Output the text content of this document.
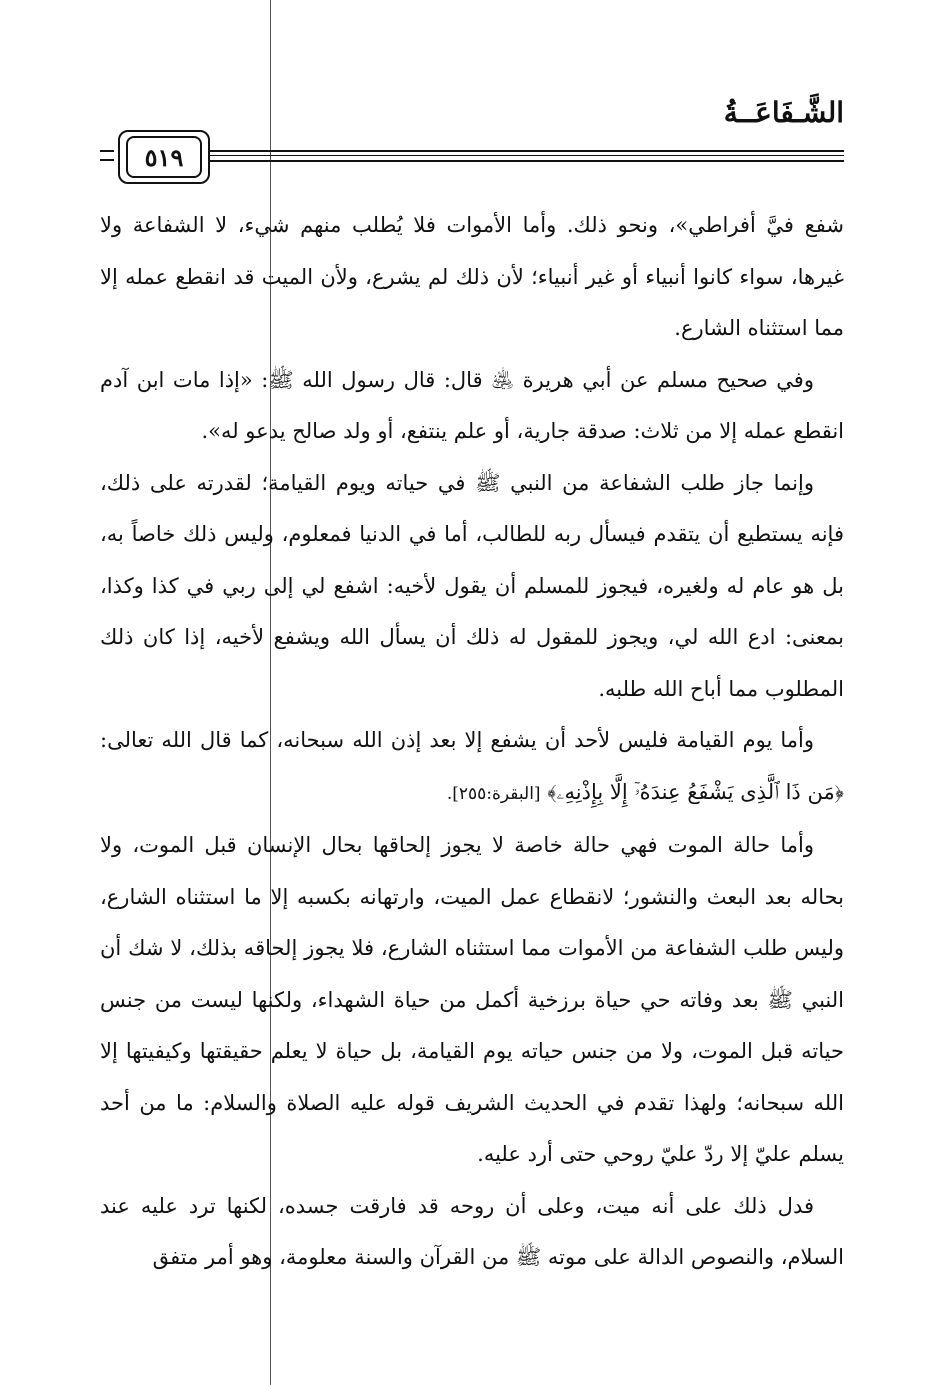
الشَّـفَاعَــةُ
٥١٩

شفع فيَّ أفراطي»، ونحو ذلك. وأما الأموات فلا يُطلب منهم شيء، لا الشفاعة ولا غيرها، سواء كانوا أنبياء أو غير أنبياء؛ لأن ذلك لم يشرع، ولأن الميت قد انقطع عمله إلا مما استثناه الشارع.

وفي صحيح مسلم عن أبي هريرة ﵁ قال: قال رسول الله ﷺ: «إذا مات ابن آدم انقطع عمله إلا من ثلاث: صدقة جارية، أو علم ينتفع، أو ولد صالح يدعو له».

وإنما جاز طلب الشفاعة من النبي ﷺ في حياته ويوم القيامة؛ لقدرته على ذلك، فإنه يستطيع أن يتقدم فيسأل ربه للطالب، أما في الدنيا فمعلوم، وليس ذلك خاصاً به، بل هو عام له ولغيره، فيجوز للمسلم أن يقول لأخيه: اشفع لي إلى ربي في كذا وكذا، بمعنى: ادع الله لي، ويجوز للمقول له ذلك أن يسأل الله ويشفع لأخيه، إذا كان ذلك المطلوب مما أباح الله طلبه.

وأما يوم القيامة فليس لأحد أن يشفع إلا بعد إذن الله سبحانه، كما قال الله تعالى: ﴿مَن ذَا ٱلَّذِى يَشْفَعُ عِندَهُۥٓ إِلَّا بِإِذْنِهِۦ﴾ [البقرة:٢٥٥].

وأما حالة الموت فهي حالة خاصة لا يجوز إلحاقها بحال الإنسان قبل الموت، ولا بحاله بعد البعث والنشور؛ لانقطاع عمل الميت، وارتهانه بكسبه إلا ما استثناه الشارع، وليس طلب الشفاعة من الأموات مما استثناه الشارع، فلا يجوز إلحاقه بذلك، لا شك أن النبي ﷺ بعد وفاته حي حياة برزخية أكمل من حياة الشهداء، ولكنها ليست من جنس حياته قبل الموت، ولا من جنس حياته يوم القيامة، بل حياة لا يعلم حقيقتها وكيفيتها إلا الله سبحانه؛ ولهذا تقدم في الحديث الشريف قوله عليه الصلاة والسلام: ما من أحد يسلم عليّ إلا ردّ عليّ روحي حتى أرد عليه.

فدل ذلك على أنه ميت، وعلى أن روحه قد فارقت جسده، لكنها ترد عليه عند السلام، والنصوص الدالة على موته ﷺ من القرآن والسنة معلومة، وهو أمر متفق
